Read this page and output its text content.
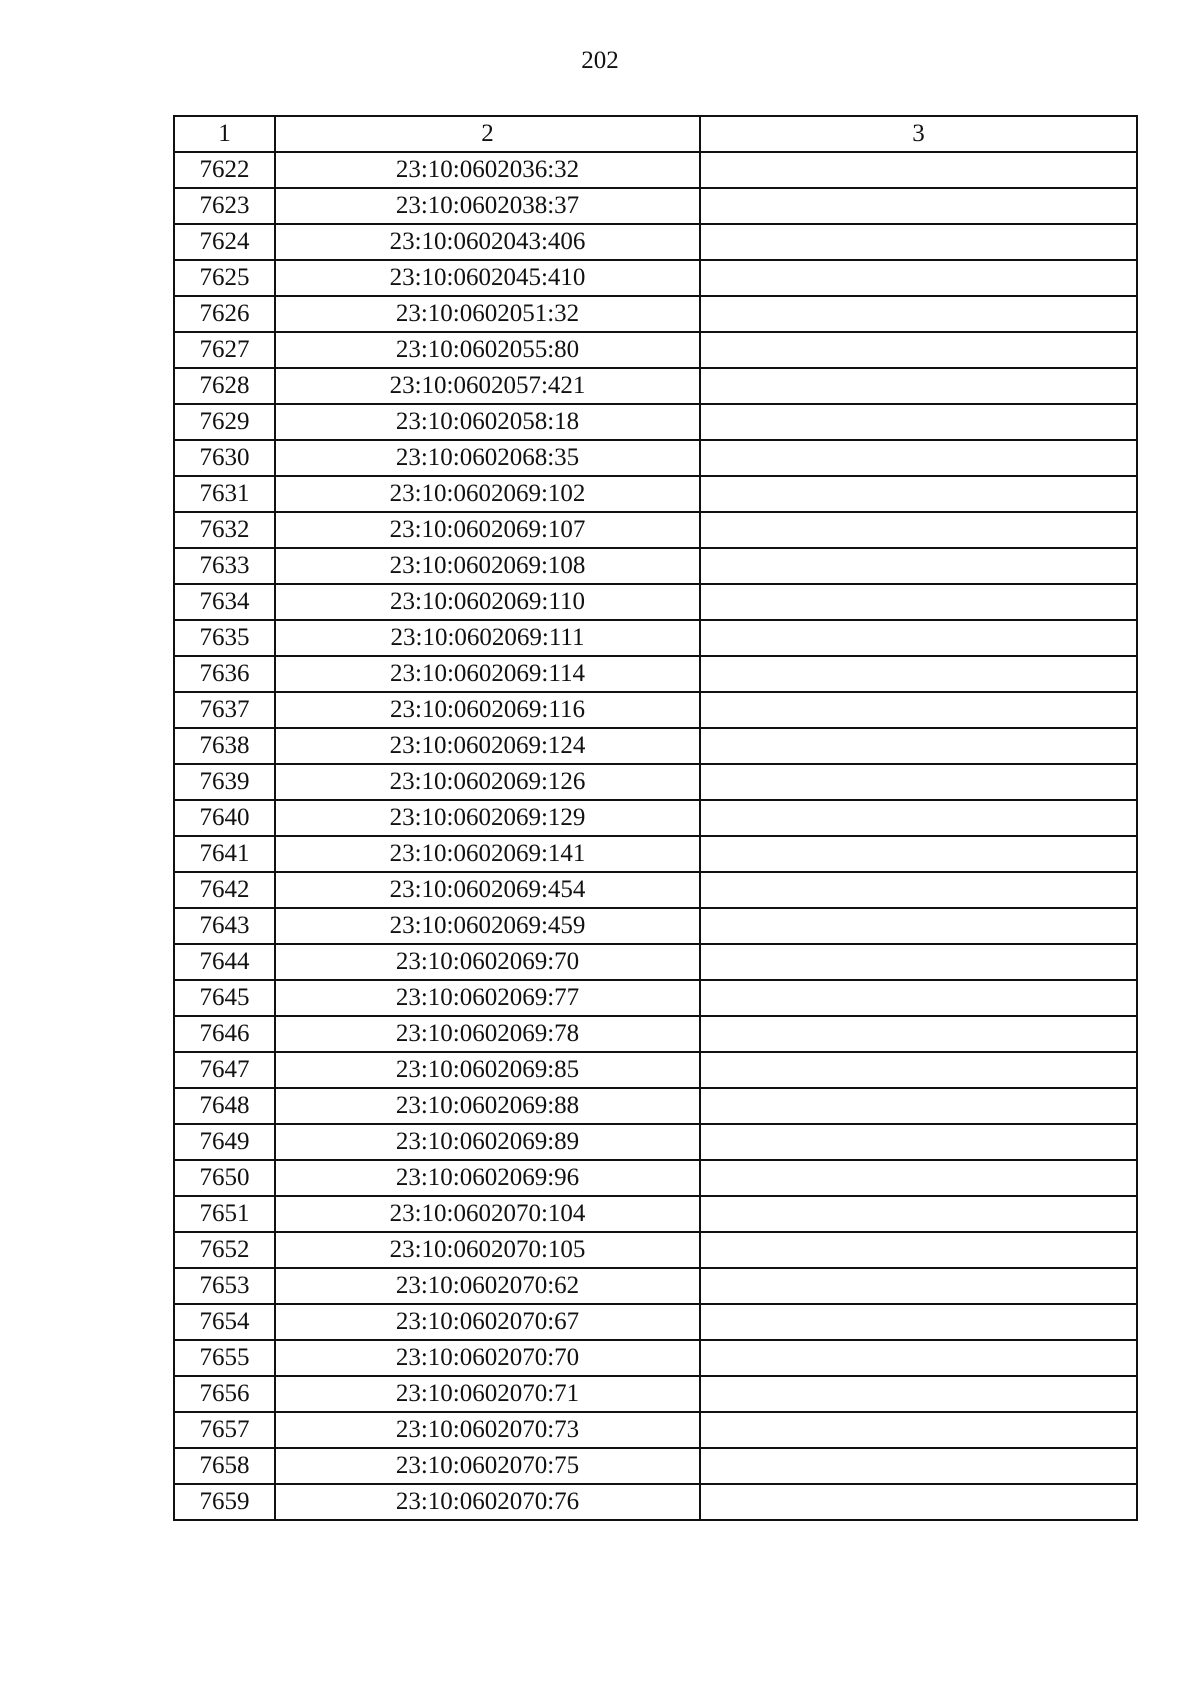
202
1	2	3
7622	23:10:0602036:32	
7623	23:10:0602038:37	
7624	23:10:0602043:406	
7625	23:10:0602045:410	
7626	23:10:0602051:32	
7627	23:10:0602055:80	
7628	23:10:0602057:421	
7629	23:10:0602058:18	
7630	23:10:0602068:35	
7631	23:10:0602069:102	
7632	23:10:0602069:107	
7633	23:10:0602069:108	
7634	23:10:0602069:110	
7635	23:10:0602069:111	
7636	23:10:0602069:114	
7637	23:10:0602069:116	
7638	23:10:0602069:124	
7639	23:10:0602069:126	
7640	23:10:0602069:129	
7641	23:10:0602069:141	
7642	23:10:0602069:454	
7643	23:10:0602069:459	
7644	23:10:0602069:70	
7645	23:10:0602069:77	
7646	23:10:0602069:78	
7647	23:10:0602069:85	
7648	23:10:0602069:88	
7649	23:10:0602069:89	
7650	23:10:0602069:96	
7651	23:10:0602070:104	
7652	23:10:0602070:105	
7653	23:10:0602070:62	
7654	23:10:0602070:67	
7655	23:10:0602070:70	
7656	23:10:0602070:71	
7657	23:10:0602070:73	
7658	23:10:0602070:75	
7659	23:10:0602070:76	
